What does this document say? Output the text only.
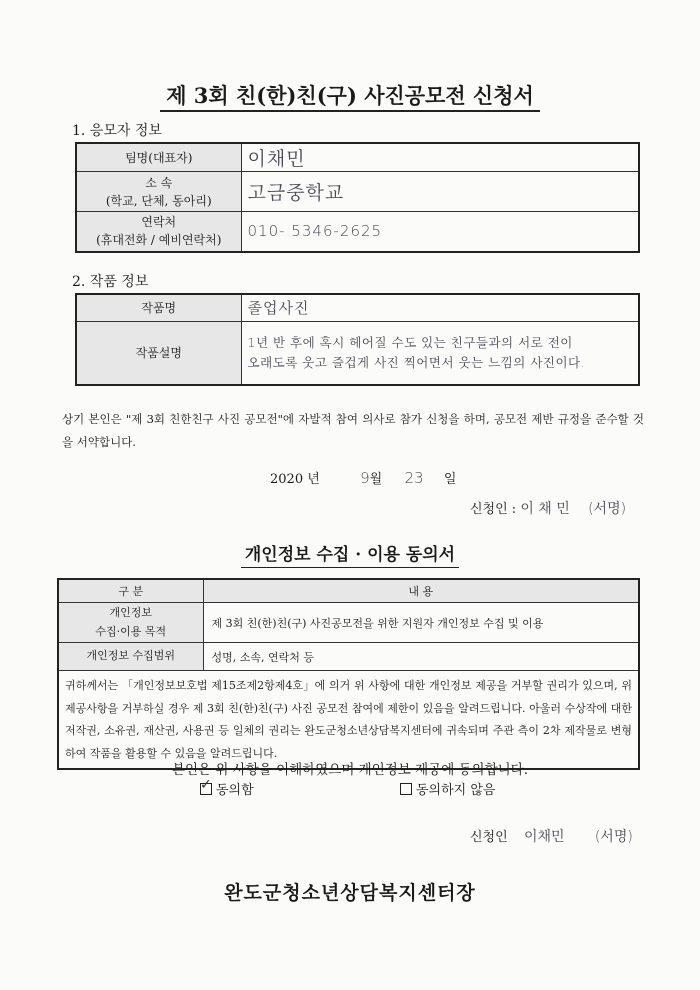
제 3회 친(한)친(구) 사진공모전 신청서
1. 응모자 정보
팀명(대표자)	이채민
소 속
(학교, 단체, 동아리)	고금중학교
연락처
(휴대전화 / 예비연락처)	010- 5346-2625
2. 작품 정보
작품명	졸업사진
작품설명	1년 반 후에 혹시 헤어질 수도 있는 친구들과의 서로 전이
오래도록 웃고 즐겁게 사진 찍어면서 웃는 느낌의 사진이다.
상기 본인은 "제 3회 친한친구 사진 공모전"에 자발적 참여 의사로 참가 신청을 하며, 공모전 제반 규정을 준수할 것을 서약합니다.
2020 년	9월 23 일
신청인 : 이 채 민 (서명)
개인정보 수집 · 이용 동의서
구 분	내 용
개인정보
수집·이용 목적	제 3회 친(한)친(구) 사진공모전을 위한 지원자 개인정보 수집 및 이용
개인정보 수집범위	성명, 소속, 연락처 등
귀하께서는 「개인정보보호법 제15조제2항제4호」에 의거 위 사항에 대한 개인정보 제공을 거부할 권리가 있으며, 위 제공사항을 거부하실 경우 제 3회 친(한)친(구) 사진 공모전 참여에 제한이 있음을 알려드립니다. 아울러 수상작에 대한 저작권, 소유권, 재산권, 사용권 등 일체의 권리는 완도군청소년상담복지센터에 귀속되며 주관 측이 2차 제작물로 변형하여 작품을 활용할 수 있음을 알려드립니다.	
본인은 위 사항을 이해하였으며 개인정보 제공에 동의합니다.
✓ 동의함	동의하지 않음
신청인 이채민 (서명)
완도군청소년상담복지센터장
